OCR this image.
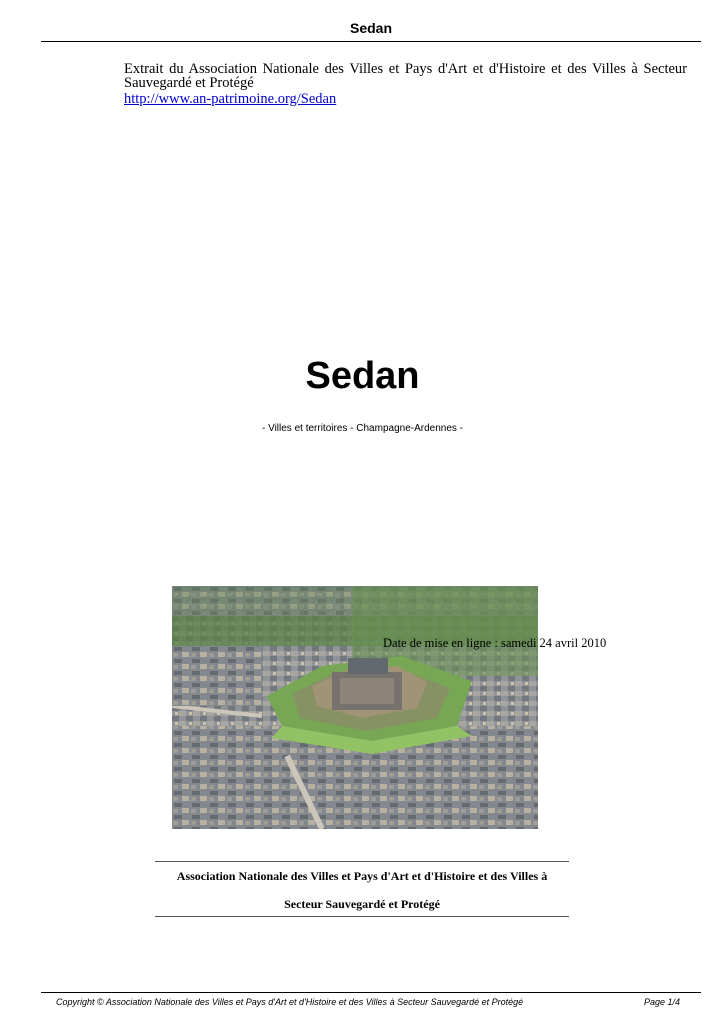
Sedan
Extrait du Association Nationale des Villes et Pays d'Art et d'Histoire et des Villes à Secteur Sauvegardé et Protégé
http://www.an-patrimoine.org/Sedan
Sedan
- Villes et territoires - Champagne-Ardennes -
Date de mise en ligne : samedi 24 avril 2010
Association Nationale des Villes et Pays d'Art et d'Histoire et des Villes à
Secteur Sauvegardé et Protégé
Copyright © Association Nationale des Villes et Pays d'Art et d'Histoire et des Villes à Secteur Sauvegardé et Protégé	Page 1/4
